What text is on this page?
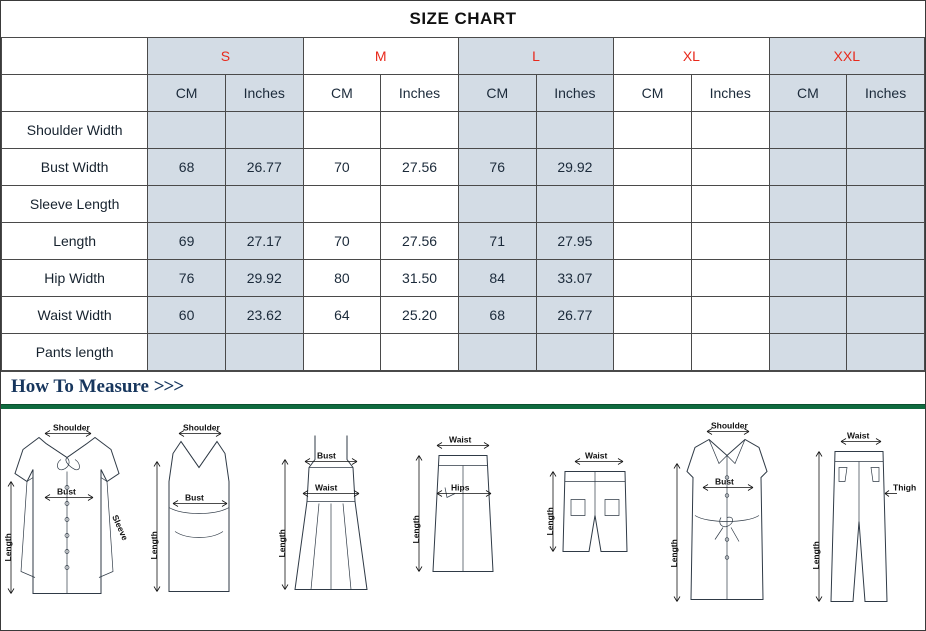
SIZE CHART
	S		M		L		XL		XXL	
	CM	Inches	CM	Inches	CM	Inches	CM	Inches	CM	Inches
Shoulder Width										
Bust Width	68	26.77	70	27.56	76	29.92				
Sleeve Length										
Length	69	27.17	70	27.56	71	27.95				
Hip Width	76	29.92	80	31.50	84	33.07				
Waist Width	60	23.62	64	25.20	68	26.77				
Pants length										
How To Measure >>>
Shoulder
Bust
Sleeve
Length
Shoulder
Bust
Length
Bust
Waist
Length
Waist
Hips
Length
Waist
Length
Shoulder
Bust
Length
Waist
Thigh
Length
